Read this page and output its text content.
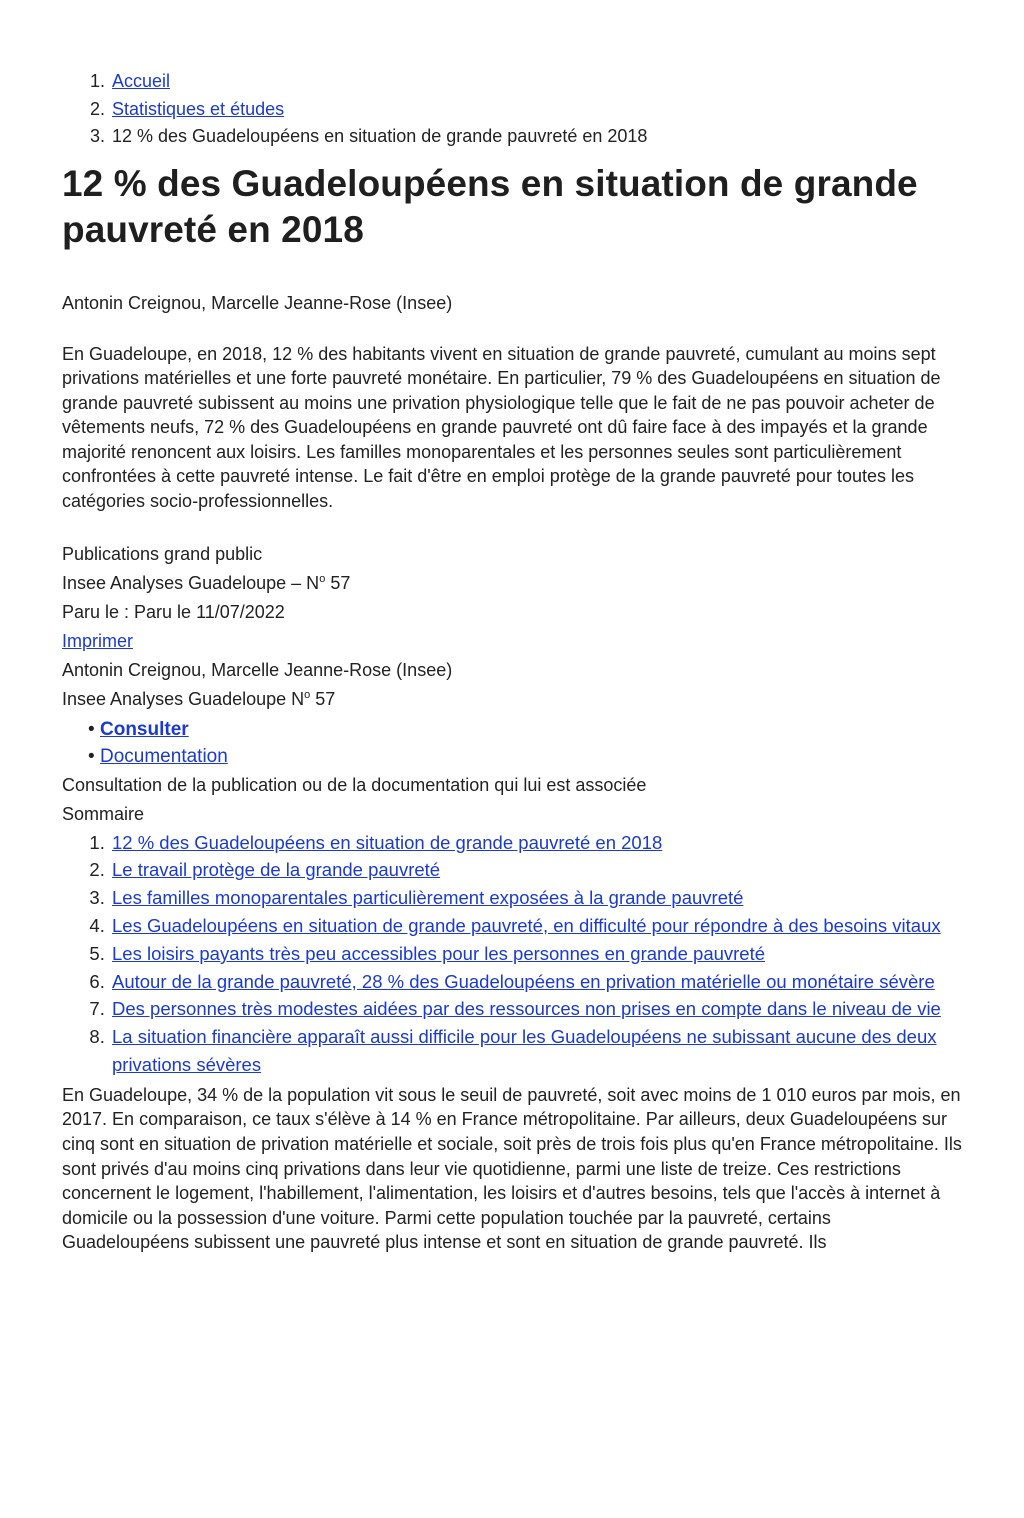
1. Accueil
2. Statistiques et études
3. 12 % des Guadeloupéens en situation de grande pauvreté en 2018
12 % des Guadeloupéens en situation de grande pauvreté en 2018
Antonin Creignou, Marcelle Jeanne-Rose (Insee)
En Guadeloupe, en 2018, 12 % des habitants vivent en situation de grande pauvreté, cumulant au moins sept privations matérielles et une forte pauvreté monétaire. En particulier, 79 % des Guadeloupéens en situation de grande pauvreté subissent au moins une privation physiologique telle que le fait de ne pas pouvoir acheter de vêtements neufs, 72 % des Guadeloupéens en grande pauvreté ont dû faire face à des impayés et la grande majorité renoncent aux loisirs. Les familles monoparentales et les personnes seules sont particulièrement confrontées à cette pauvreté intense. Le fait d'être en emploi protège de la grande pauvreté pour toutes les catégories socio-professionnelles.
Publications grand public
Insee Analyses Guadeloupe – $N^o$ 57
Paru le : Paru le 11/07/2022
Imprimer
Antonin Creignou, Marcelle Jeanne-Rose (Insee)
Insee Analyses Guadeloupe $N^o$ 57
• Consulter
• Documentation
Consultation de la publication ou de la documentation qui lui est associée
Sommaire
1. 12 % des Guadeloupéens en situation de grande pauvreté en 2018
2. Le travail protège de la grande pauvreté
3. Les familles monoparentales particulièrement exposées à la grande pauvreté
4. Les Guadeloupéens en situation de grande pauvreté, en difficulté pour répondre à des besoins vitaux
5. Les loisirs payants très peu accessibles pour les personnes en grande pauvreté
6. Autour de la grande pauvreté, 28 % des Guadeloupéens en privation matérielle ou monétaire sévère
7. Des personnes très modestes aidées par des ressources non prises en compte dans le niveau de vie
8. La situation financière apparaît aussi difficile pour les Guadeloupéens ne subissant aucune des deux privations sévères
En Guadeloupe, 34 % de la population vit sous le seuil de pauvreté, soit avec moins de 1 010 euros par mois, en 2017. En comparaison, ce taux s'élève à 14 % en France métropolitaine. Par ailleurs, deux Guadeloupéens sur cinq sont en situation de privation matérielle et sociale, soit près de trois fois plus qu'en France métropolitaine. Ils sont privés d'au moins cinq privations dans leur vie quotidienne, parmi une liste de treize. Ces restrictions concernent le logement, l'habillement, l'alimentation, les loisirs et d'autres besoins, tels que l'accès à internet à domicile ou la possession d'une voiture. Parmi cette population touchée par la pauvreté, certains Guadeloupéens subissent une pauvreté plus intense et sont en situation de grande pauvreté. Ils
